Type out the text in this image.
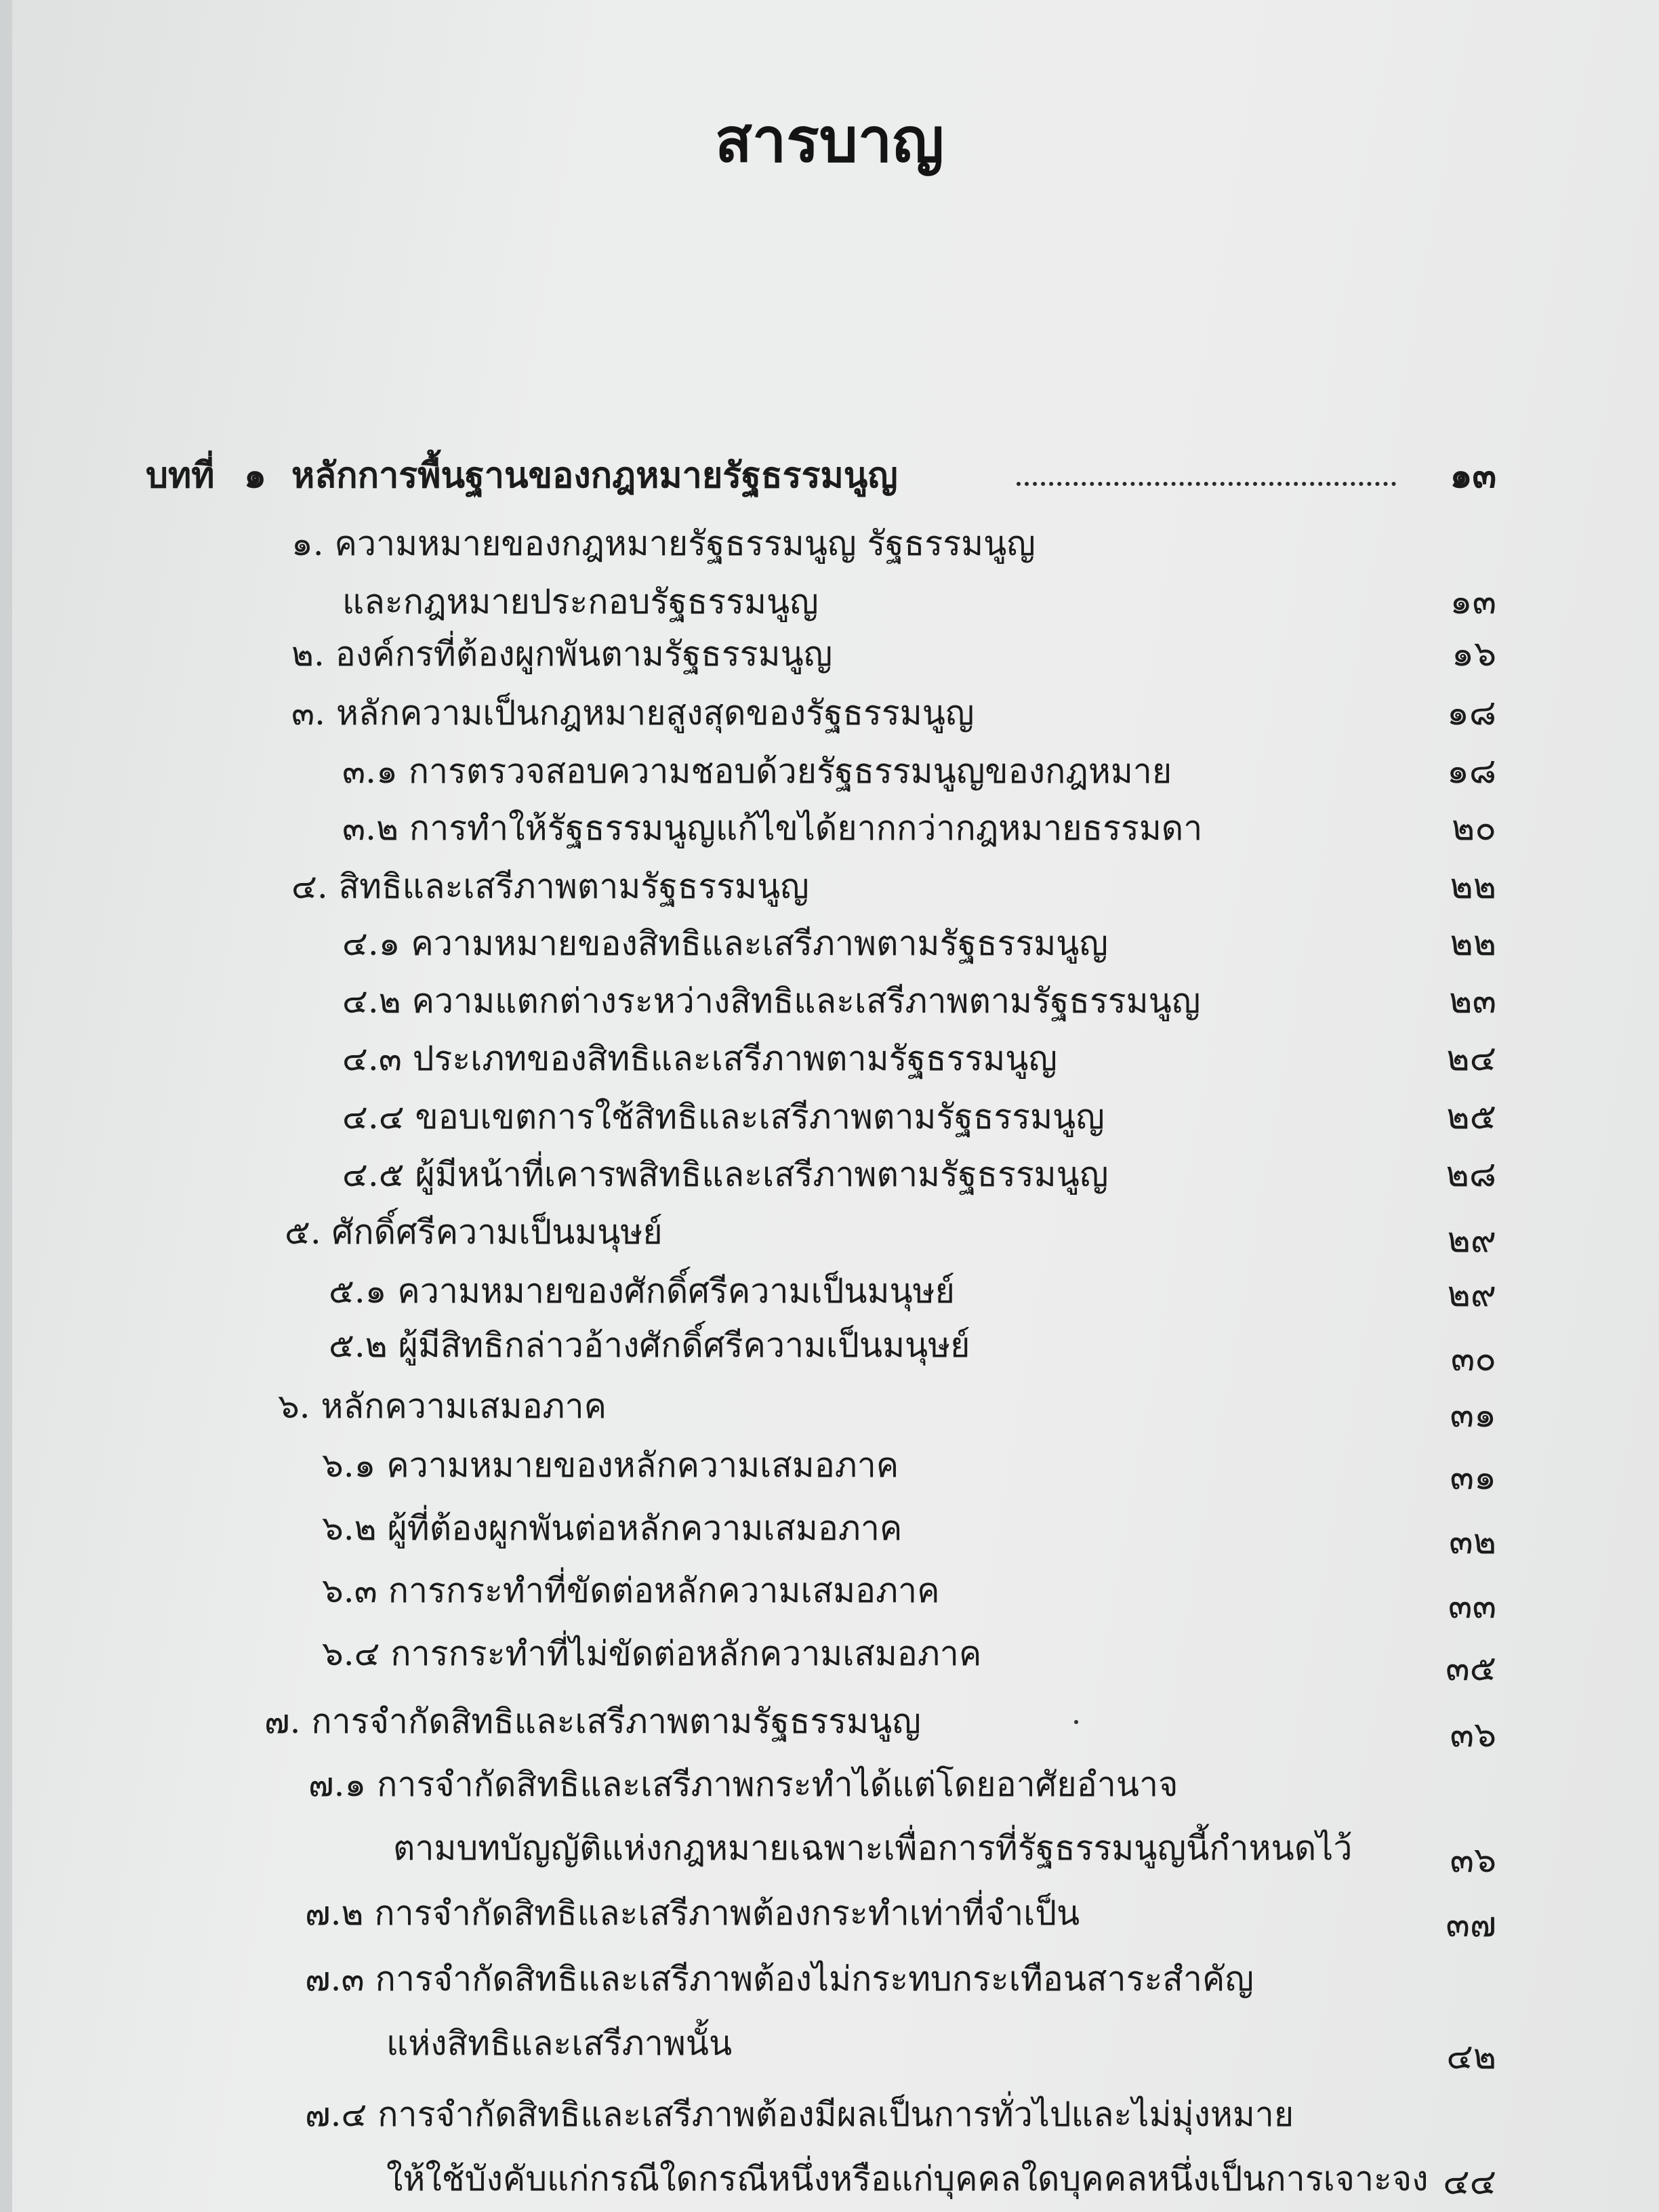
สารบาญ
บทที่ ๑ หลักการพื้นฐานของกฎหมายรัฐธรรมนูญ	๑๓
๑. ความหมายของกฎหมายรัฐธรรมนูญ รัฐธรรมนูญ
และกฎหมายประกอบรัฐธรรมนูญ	๑๓
๒. องค์กรที่ต้องผูกพันตามรัฐธรรมนูญ	๑๖
๓. หลักความเป็นกฎหมายสูงสุดของรัฐธรรมนูญ	๑๘
๓.๑ การตรวจสอบความชอบด้วยรัฐธรรมนูญของกฎหมาย	๑๘
๓.๒ การทำให้รัฐธรรมนูญแก้ไขได้ยากกว่ากฎหมายธรรมดา	๒๐
๔. สิทธิและเสรีภาพตามรัฐธรรมนูญ	๒๒
๔.๑ ความหมายของสิทธิและเสรีภาพตามรัฐธรรมนูญ	๒๒
๔.๒ ความแตกต่างระหว่างสิทธิและเสรีภาพตามรัฐธรรมนูญ	๒๓
๔.๓ ประเภทของสิทธิและเสรีภาพตามรัฐธรรมนูญ	๒๔
๔.๔ ขอบเขตการใช้สิทธิและเสรีภาพตามรัฐธรรมนูญ	๒๕
๔.๕ ผู้มีหน้าที่เคารพสิทธิและเสรีภาพตามรัฐธรรมนูญ	๒๘
๕. ศักดิ์ศรีความเป็นมนุษย์	๒๙
๕.๑ ความหมายของศักดิ์ศรีความเป็นมนุษย์	๒๙
๕.๒ ผู้มีสิทธิกล่าวอ้างศักดิ์ศรีความเป็นมนุษย์	๓๐
๖. หลักความเสมอภาค	๓๑
๖.๑ ความหมายของหลักความเสมอภาค	๓๑
๖.๒ ผู้ที่ต้องผูกพันต่อหลักความเสมอภาค	๓๒
๖.๓ การกระทำที่ขัดต่อหลักความเสมอภาค	๓๓
๖.๔ การกระทำที่ไม่ขัดต่อหลักความเสมอภาค	๓๕
๗. การจำกัดสิทธิและเสรีภาพตามรัฐธรรมนูญ	๓๖
๗.๑ การจำกัดสิทธิและเสรีภาพกระทำได้แต่โดยอาศัยอำนาจ
ตามบทบัญญัติแห่งกฎหมายเฉพาะเพื่อการที่รัฐธรรมนูญนี้กำหนดไว้	๓๖
๗.๒ การจำกัดสิทธิและเสรีภาพต้องกระทำเท่าที่จำเป็น	๓๗
๗.๓ การจำกัดสิทธิและเสรีภาพต้องไม่กระทบกระเทือนสาระสำคัญ
แห่งสิทธิและเสรีภาพนั้น	๔๒
๗.๔ การจำกัดสิทธิและเสรีภาพต้องมีผลเป็นการทั่วไปและไม่มุ่งหมาย
ให้ใช้บังคับแก่กรณีใดกรณีหนึ่งหรือแก่บุคคลใดบุคคลหนึ่งเป็นการเจาะจง ๔๔
